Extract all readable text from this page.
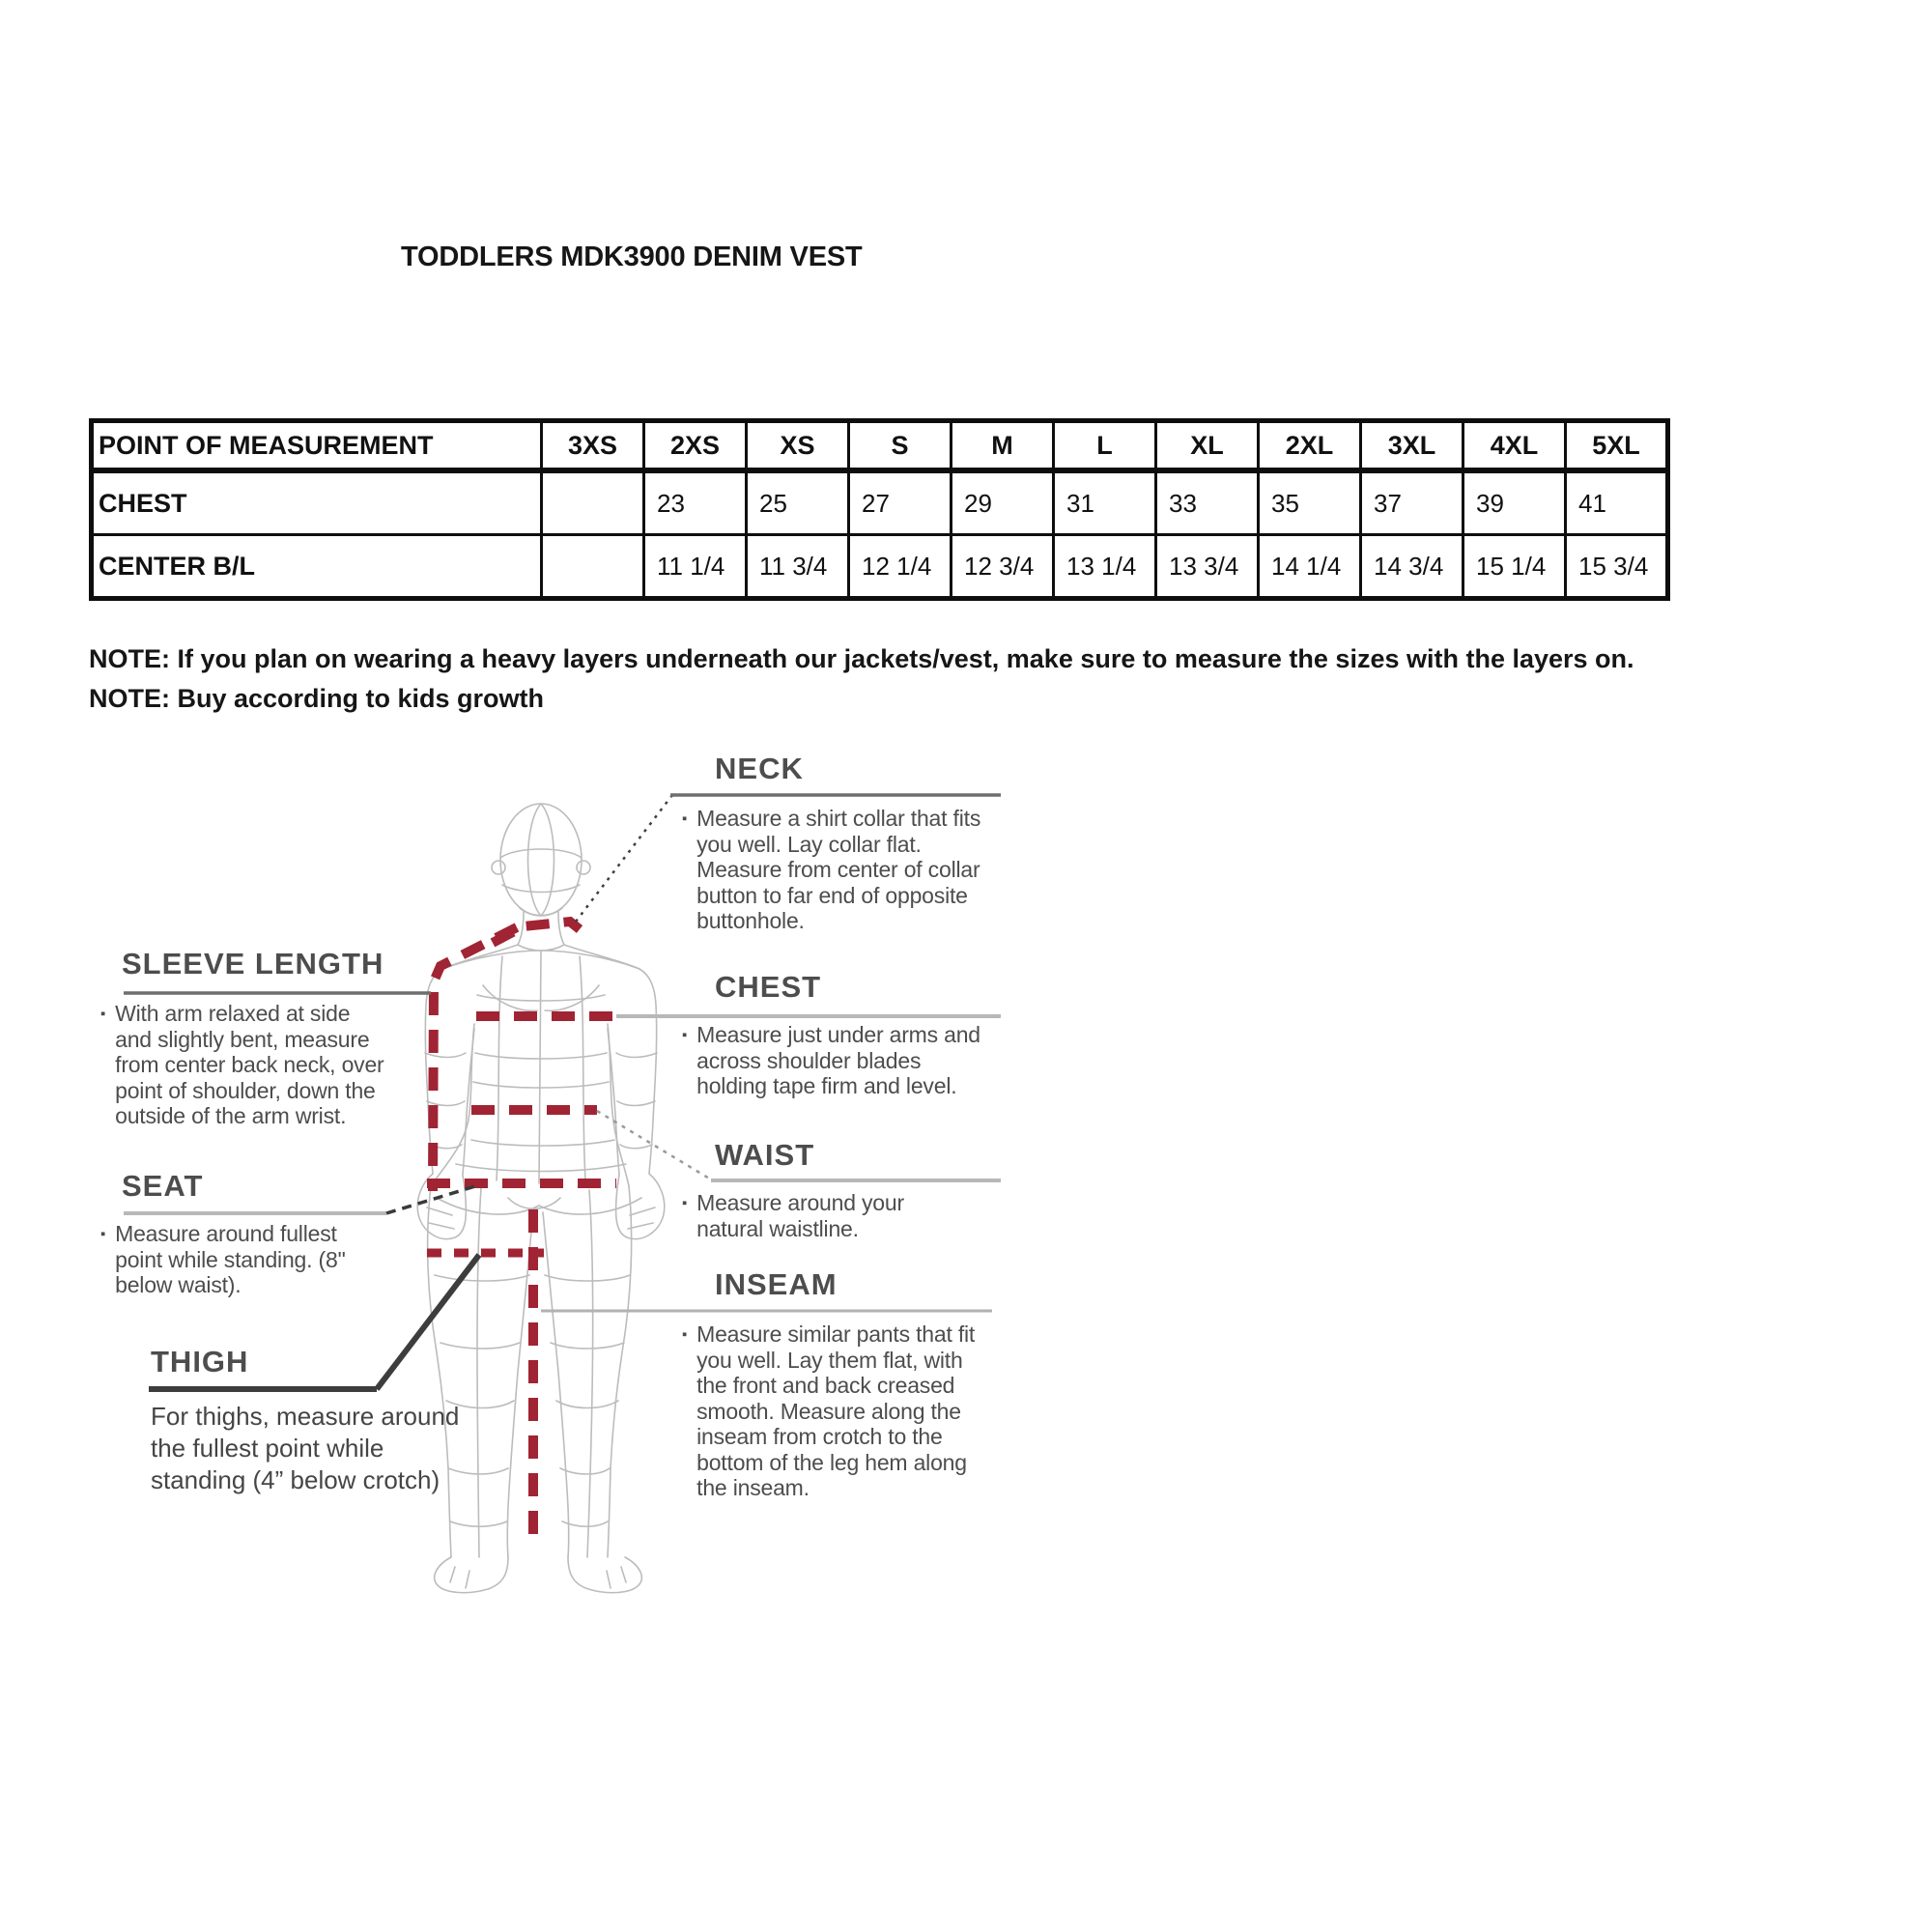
TODDLERS MDK3900 DENIM VEST
POINT OF MEASUREMENT	3XS	2XS	XS	S	M	L	XL	2XL	3XL	4XL	5XL
CHEST		23	25	27	29	31	33	35	37	39	41
CENTER B/L		11 1/4	11 3/4	12 1/4	12 3/4	13 1/4	13 3/4	14 1/4	14 3/4	15 1/4	15 3/4
NOTE: If you plan on wearing a heavy layers underneath our jackets/vest, make sure to measure the sizes with the layers on.
NOTE: Buy according to kids growth
NECK
▪ Measure a shirt collar that fits you well. Lay collar flat. Measure from center of collar button to far end of opposite buttonhole.
CHEST
▪ Measure just under arms and across shoulder blades holding tape firm and level.
WAIST
▪ Measure around your natural waistline.
INSEAM
▪ Measure similar pants that fit you well. Lay them flat, with the front and back creased smooth. Measure along the inseam from crotch to the bottom of the leg hem along the inseam.
SLEEVE LENGTH
▪ With arm relaxed at side and slightly bent, measure from center back neck, over point of shoulder, down the outside of the arm wrist.
SEAT
▪ Measure around fullest point while standing. (8" below waist).
THIGH
For thighs, measure around the fullest point while standing (4” below crotch)
